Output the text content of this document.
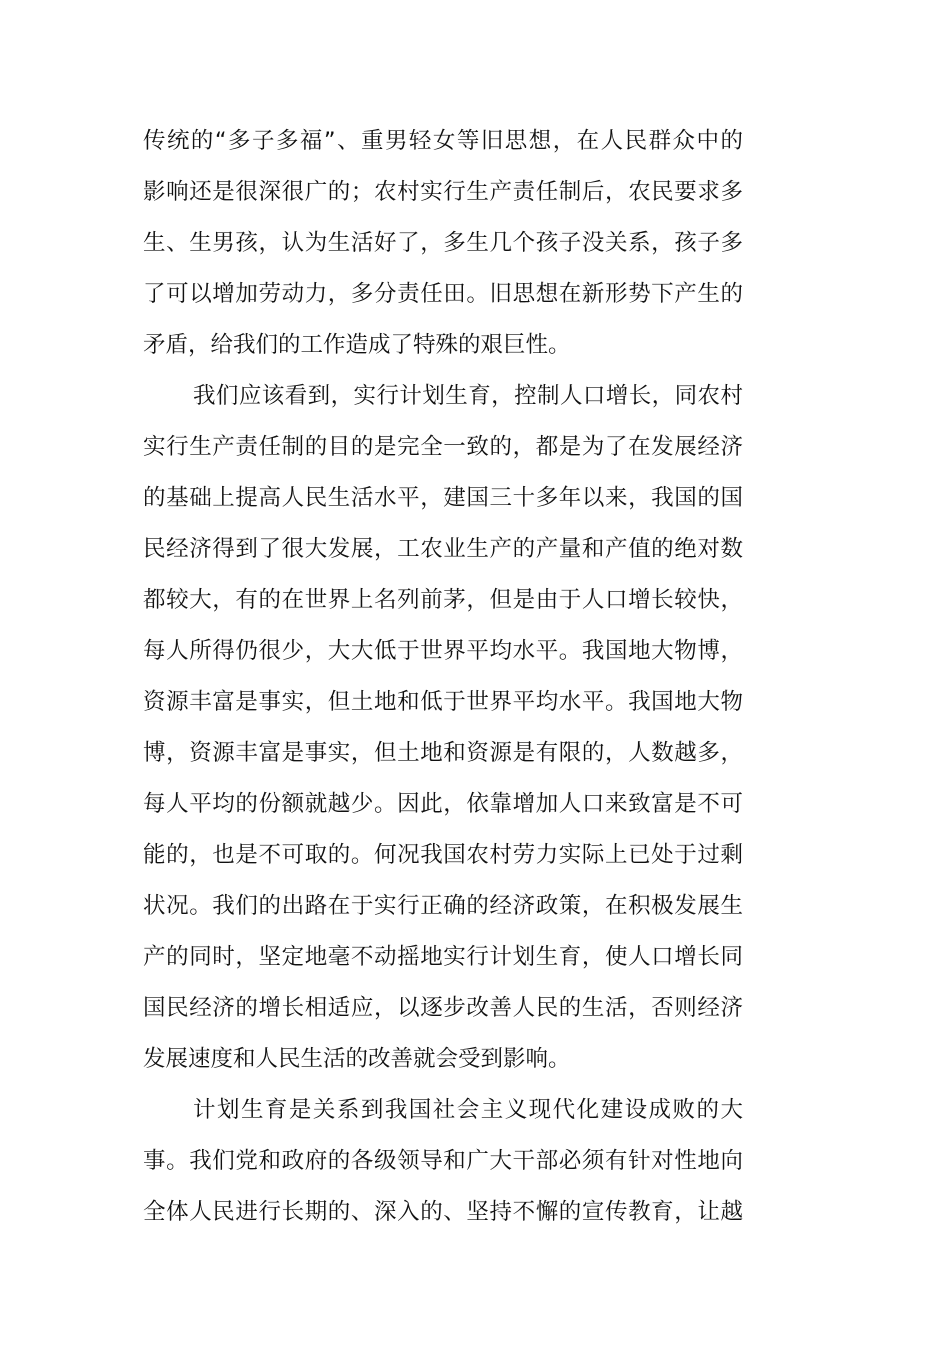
传统的“多子多福”、重男轻女等旧思想，在人民群众中的
影响还是很深很广的；农村实行生产责任制后，农民要求多
生、生男孩，认为生活好了，多生几个孩子没关系，孩子多
了可以增加劳动力，多分责任田。旧思想在新形势下产生的
矛盾，给我们的工作造成了特殊的艰巨性。
我们应该看到，实行计划生育，控制人口增长，同农村
实行生产责任制的目的是完全一致的，都是为了在发展经济
的基础上提高人民生活水平，建国三十多年以来，我国的国
民经济得到了很大发展，工农业生产的产量和产值的绝对数
都较大，有的在世界上名列前茅，但是由于人口增长较快，
每人所得仍很少，大大低于世界平均水平。我国地大物博，
资源丰富是事实，但土地和低于世界平均水平。我国地大物
博，资源丰富是事实，但土地和资源是有限的，人数越多，
每人平均的份额就越少。因此，依靠增加人口来致富是不可
能的，也是不可取的。何况我国农村劳力实际上已处于过剩
状况。我们的出路在于实行正确的经济政策，在积极发展生
产的同时，坚定地毫不动摇地实行计划生育，使人口增长同
国民经济的增长相适应，以逐步改善人民的生活，否则经济
发展速度和人民生活的改善就会受到影响。
计划生育是关系到我国社会主义现代化建设成败的大
事。我们党和政府的各级领导和广大干部必须有针对性地向
全体人民进行长期的、深入的、坚持不懈的宣传教育，让越
